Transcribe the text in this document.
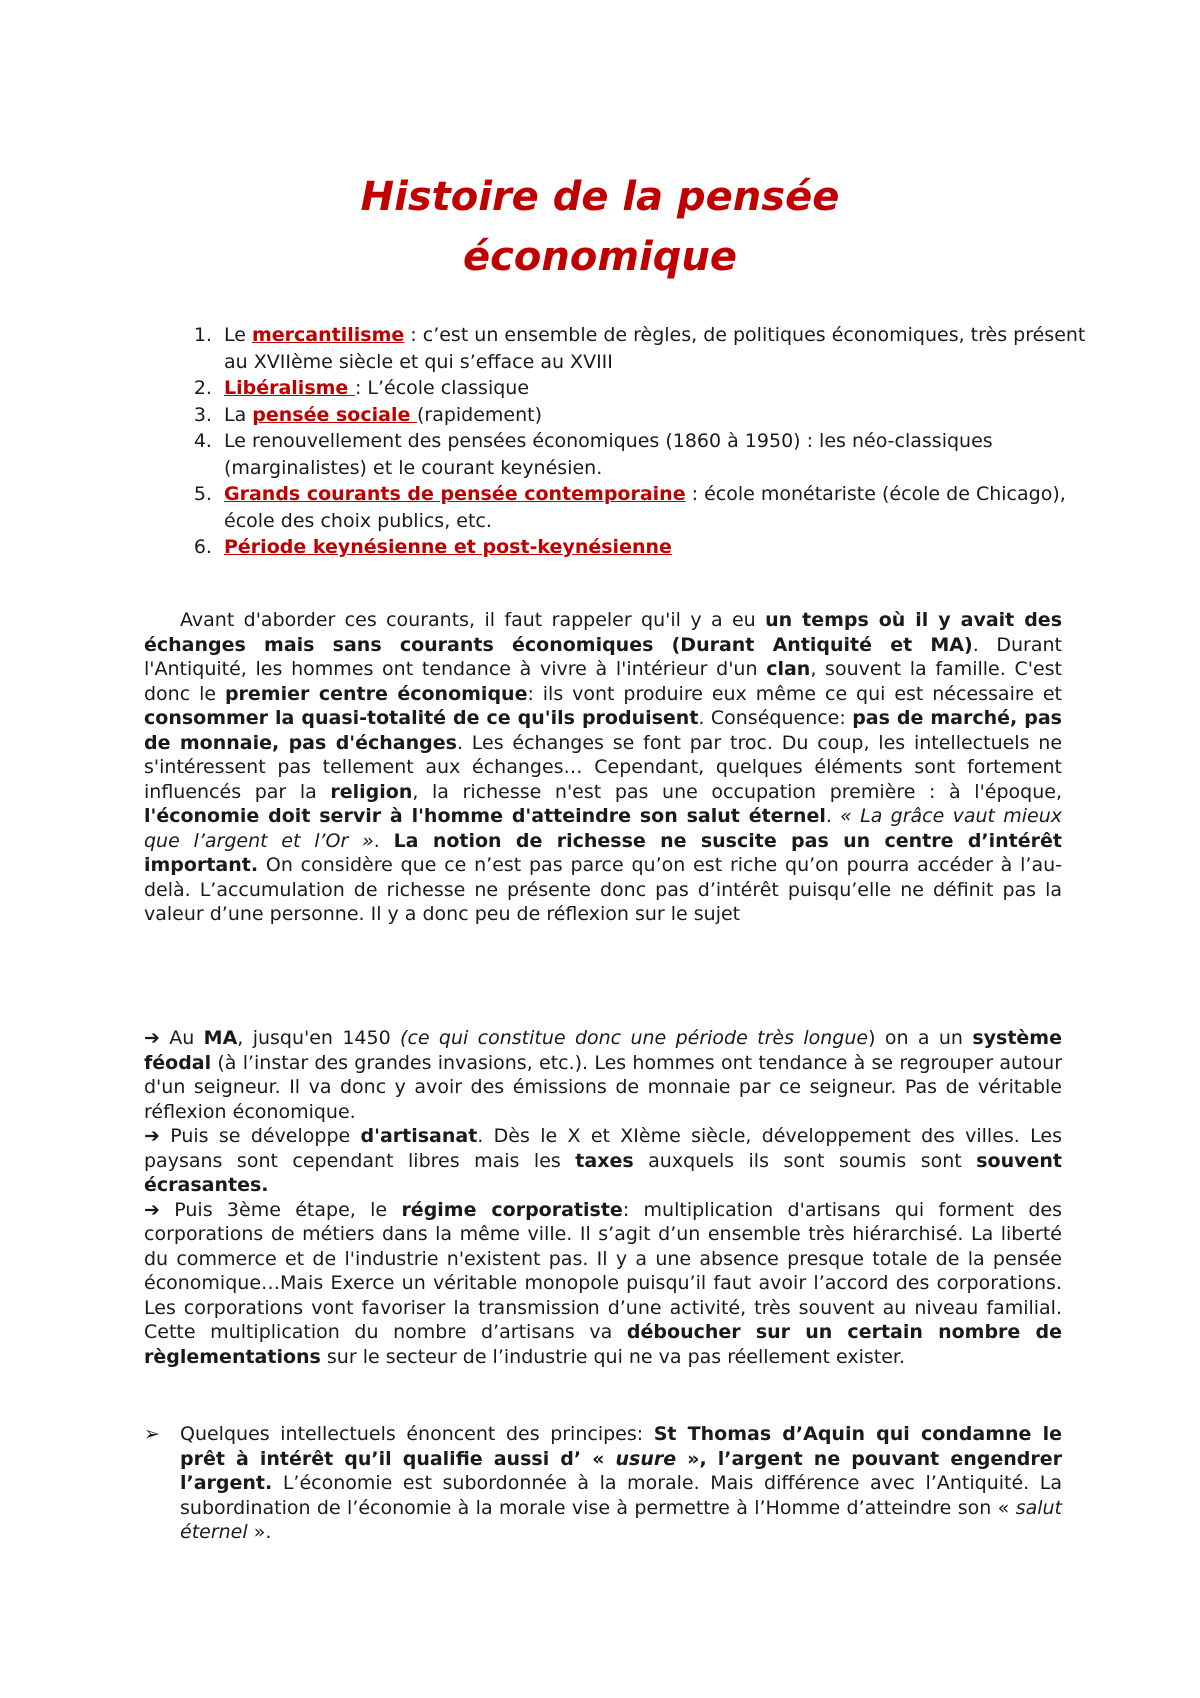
Histoire de la pensée
économique
1. Le mercantilisme : c’est un ensemble de règles, de politiques économiques, très présent au XVIIème siècle et qui s’efface au XVIII
2. Libéralisme : L’école classique
3. La pensée sociale (rapidement)
4. Le renouvellement des pensées économiques (1860 à 1950) : les néo-classiques (marginalistes) et le courant keynésien.
5. Grands courants de pensée contemporaine : école monétariste (école de Chicago), école des choix publics, etc.
6. Période keynésienne et post-keynésienne

Avant d'aborder ces courants, il faut rappeler qu'il y a eu un temps où il y avait des échanges mais sans courants économiques (Durant Antiquité et MA). Durant l'Antiquité, les hommes ont tendance à vivre à l'intérieur d'un clan, souvent la famille. C'est donc le premier centre économique: ils vont produire eux même ce qui est nécessaire et consommer la quasi-totalité de ce qu'ils produisent. Conséquence: pas de marché, pas de monnaie, pas d'échanges. Les échanges se font par troc. Du coup, les intellectuels ne s'intéressent pas tellement aux échanges… Cependant, quelques éléments sont fortement influencés par la religion, la richesse n'est pas une occupation première : à l'époque, l'économie doit servir à l'homme d'atteindre son salut éternel. « La grâce vaut mieux que l’argent et l’Or ». La notion de richesse ne suscite pas un centre d’intérêt important. On considère que ce n’est pas parce qu’on est riche qu’on pourra accéder à l’au- delà. L’accumulation de richesse ne présente donc pas d’intérêt puisqu’elle ne définit pas la valeur d’une personne. Il y a donc peu de réflexion sur le sujet

➔ Au MA, jusqu'en 1450 (ce qui constitue donc une période très longue) on a un système féodal (à l’instar des grandes invasions, etc.). Les hommes ont tendance à se regrouper autour d'un seigneur. Il va donc y avoir des émissions de monnaie par ce seigneur. Pas de véritable réflexion économique.

➔ Puis se développe d'artisanat. Dès le X et XIème siècle, développement des villes. Les paysans sont cependant libres mais les taxes auxquels ils sont soumis sont souvent écrasantes.

➔ Puis 3ème étape, le régime corporatiste: multiplication d'artisans qui forment des corporations de métiers dans la même ville. Il s’agit d’un ensemble très hiérarchisé. La liberté du commerce et de l'industrie n'existent pas. Il y a une absence presque totale de la pensée économique…Mais Exerce un véritable monopole puisqu’il faut avoir l’accord des corporations. Les corporations vont favoriser la transmission d’une activité, très souvent au niveau familial. Cette multiplication du nombre d’artisans va déboucher sur un certain nombre de règlementations sur le secteur de l’industrie qui ne va pas réellement exister.

➢ Quelques intellectuels énoncent des principes: St Thomas d’Aquin qui condamne le prêt à intérêt qu’il qualifie aussi d’ « usure », l’argent ne pouvant engendrer l’argent. L’économie est subordonnée à la morale. Mais différence avec l’Antiquité. La subordination de l’économie à la morale vise à permettre à l’Homme d’atteindre son « salut éternel ».
